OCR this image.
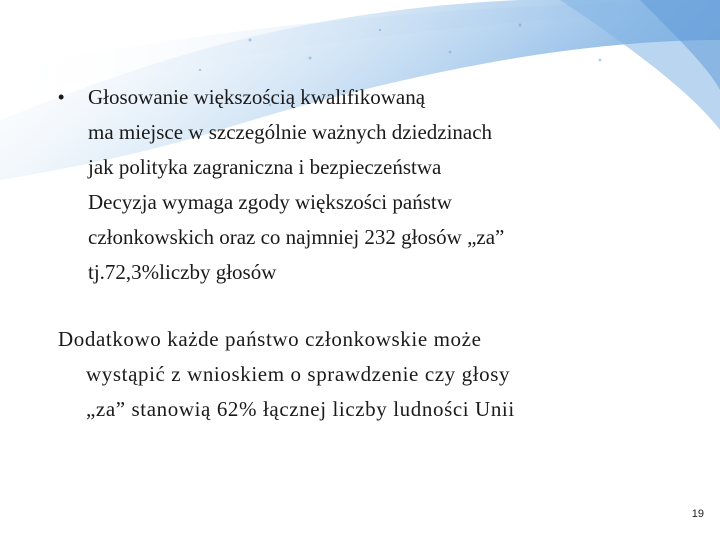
• Głosowanie większością kwalifikowaną
ma miejsce w szczególnie ważnych dziedzinach
jak polityka zagraniczna i bezpieczeństwa
Decyzja wymaga zgody większości państw
członkowskich oraz co najmniej 232 głosów „za”
tj.72,3%liczby głosów
Dodatkowo każde państwo członkowskie może
wystąpić z wnioskiem o sprawdzenie czy głosy
„za” stanowią 62% łącznej liczby ludności Unii
19
